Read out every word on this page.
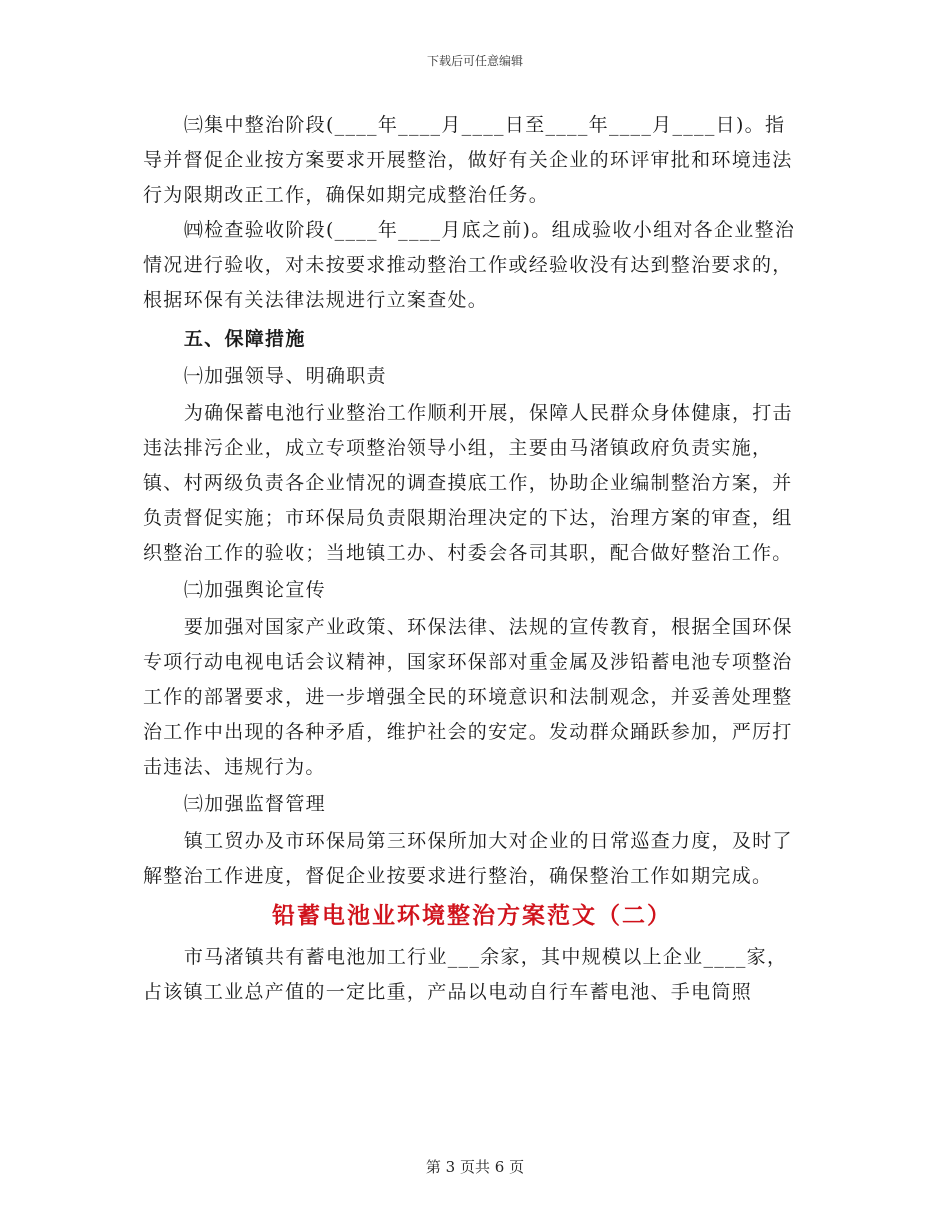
下载后可任意编辑

㈢集中整治阶段(____年____月____日至____年____月____日)。指导并督促企业按方案要求开展整治，做好有关企业的环评审批和环境违法行为限期改正工作，确保如期完成整治任务。

㈣检查验收阶段(____年____月底之前)。组成验收小组对各企业整治情况进行验收，对未按要求推动整治工作或经验收没有达到整治要求的，根据环保有关法律法规进行立案查处。

五、保障措施

㈠加强领导、明确职责

为确保蓄电池行业整治工作顺利开展，保障人民群众身体健康，打击违法排污企业，成立专项整治领导小组，主要由马渚镇政府负责实施，镇、村两级负责各企业情况的调查摸底工作，协助企业编制整治方案，并负责督促实施；市环保局负责限期治理决定的下达，治理方案的审查，组织整治工作的验收；当地镇工办、村委会各司其职，配合做好整治工作。

㈡加强舆论宣传

要加强对国家产业政策、环保法律、法规的宣传教育，根据全国环保专项行动电视电话会议精神，国家环保部对重金属及涉铅蓄电池专项整治工作的部署要求，进一步增强全民的环境意识和法制观念，并妥善处理整治工作中出现的各种矛盾，维护社会的安定。发动群众踊跃参加，严厉打击违法、违规行为。

㈢加强监督管理

镇工贸办及市环保局第三环保所加大对企业的日常巡查力度，及时了解整治工作进度，督促企业按要求进行整治，确保整治工作如期完成。

铅蓄电池业环境整治方案范文（二）

市马渚镇共有蓄电池加工行业___余家，其中规模以上企业____家，占该镇工业总产值的一定比重，产品以电动自行车蓄电池、手电筒照

第 3 页共 6 页
